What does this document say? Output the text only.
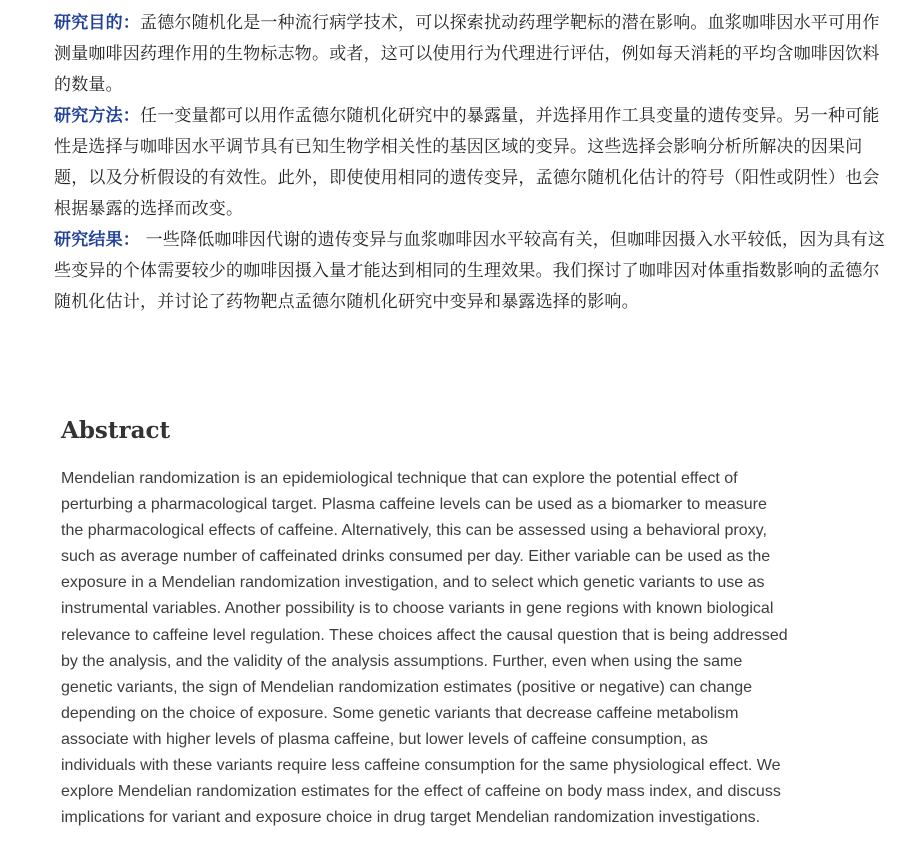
研究目的：孟德尔随机化是一种流行病学技术，可以探索扰动药理学靶标的潜在影响。血浆咖啡因水平可用作测量咖啡因药理作用的生物标志物。或者，这可以使用行为代理进行评估，例如每天消耗的平均含咖啡因饮料的数量。

研究方法：任一变量都可以用作孟德尔随机化研究中的暴露量，并选择用作工具变量的遗传变异。另一种可能性是选择与咖啡因水平调节具有已知生物学相关性的基因区域的变异。这些选择会影响分析所解决的因果问题，以及分析假设的有效性。此外，即使使用相同的遗传变异，孟德尔随机化估计的符号（阳性或阴性）也会根据暴露的选择而改变。

研究结果： 一些降低咖啡因代谢的遗传变异与血浆咖啡因水平较高有关，但咖啡因摄入水平较低，因为具有这些变异的个体需要较少的咖啡因摄入量才能达到相同的生理效果。我们探讨了咖啡因对体重指数影响的孟德尔随机化估计，并讨论了药物靶点孟德尔随机化研究中变异和暴露选择的影响。

Abstract
Mendelian randomization is an epidemiological technique that can explore the potential effect of
perturbing a pharmacological target. Plasma caffeine levels can be used as a biomarker to measure
the pharmacological effects of caffeine. Alternatively, this can be assessed using a behavioral proxy,
such as average number of caffeinated drinks consumed per day. Either variable can be used as the
exposure in a Mendelian randomization investigation, and to select which genetic variants to use as
instrumental variables. Another possibility is to choose variants in gene regions with known biological
relevance to caffeine level regulation. These choices affect the causal question that is being addressed
by the analysis, and the validity of the analysis assumptions. Further, even when using the same
genetic variants, the sign of Mendelian randomization estimates (positive or negative) can change
depending on the choice of exposure. Some genetic variants that decrease caffeine metabolism
associate with higher levels of plasma caffeine, but lower levels of caffeine consumption, as
individuals with these variants require less caffeine consumption for the same physiological effect. We
explore Mendelian randomization estimates for the effect of caffeine on body mass index, and discuss
implications for variant and exposure choice in drug target Mendelian randomization investigations.
